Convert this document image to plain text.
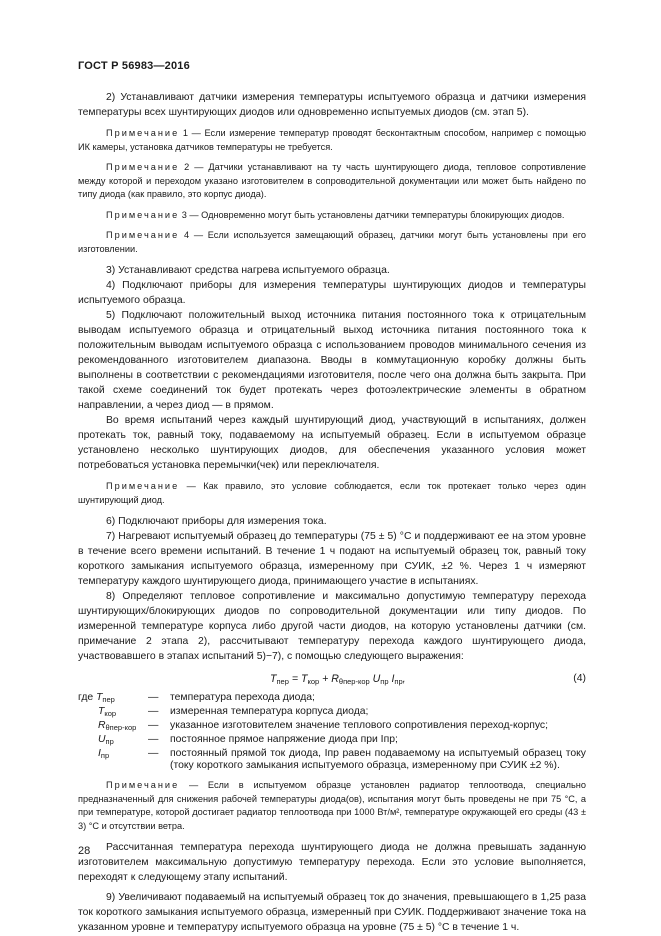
ГОСТ Р 56983—2016

2) Устанавливают датчики измерения температуры испытуемого образца и датчики измерения температуры всех шунтирующих диодов или одновременно испытуемых диодов (см. этап 5).

Примечание 1 — Если измерение температур проводят бесконтактным способом, например с помощью ИК камеры, установка датчиков температуры не требуется.

Примечание 2 — Датчики устанавливают на ту часть шунтирующего диода, тепловое сопротивление между которой и переходом указано изготовителем в сопроводительной документации или может быть найдено по типу диода (как правило, это корпус диода).

Примечание 3 — Одновременно могут быть установлены датчики температуры блокирующих диодов.

Примечание 4 — Если используется замещающий образец, датчики могут быть установлены при его изготовлении.

3) Устанавливают средства нагрева испытуемого образца.

4) Подключают приборы для измерения температуры шунтирующих диодов и температуры испытуемого образца.

5) Подключают положительный выход источника питания постоянного тока к отрицательным выводам испытуемого образца и отрицательный выход источника питания постоянного тока к положительным выводам испытуемого образца с использованием проводов минимального сечения из рекомендованного изготовителем диапазона. Вводы в коммутационную коробку должны быть выполнены в соответствии с рекомендациями изготовителя, после чего она должна быть закрыта. При такой схеме соединений ток будет протекать через фотоэлектрические элементы в обратном направлении, а через диод — в прямом.

Во время испытаний через каждый шунтирующий диод, участвующий в испытаниях, должен протекать ток, равный току, подаваемому на испытуемый образец. Если в испытуемом образце установлено несколько шунтирующих диодов, для обеспечения указанного условия может потребоваться установка перемычки(чек) или переключателя.

Примечание — Как правило, это условие соблюдается, если ток протекает только через один шунтирующий диод.

6) Подключают приборы для измерения тока.

7) Нагревают испытуемый образец до температуры (75 ± 5) °С и поддерживают ее на этом уровне в течение всего времени испытаний. В течение 1 ч подают на испытуемый образец ток, равный току короткого замыкания испытуемого образца, измеренному при СУИК, ±2 %. Через 1 ч измеряют температуру каждого шунтирующего диода, принимающего участие в испытаниях.

8) Определяют тепловое сопротивление и максимально допустимую температуру перехода шунтирующих/блокирующих диодов по сопроводительной документации или типу диодов. По измеренной температуре корпуса либо другой части диодов, на которую установлены датчики (см. примечание 2 этапа 2), рассчитывают температуру перехода каждого шунтирующего диода, участвовавшего в этапах испытаний 5)−7), с помощью следующего выражения:

$T_{пер} = T_{кор} + R_{\theta пер-кор}$ $U_{пр}$ $I_{пр}$,	(4)
где Tпер	—	температура перехода диода;
Tкор	—	измеренная температура корпуса диода;
Rθпер-кор	—	указанное изготовителем значение теплового сопротивления переход-корпус;
Uпр	—	постоянное прямое напряжение диода при Iпр;
Iпр	—	постоянный прямой ток диода, Iпр равен подаваемому на испытуемый образец току (току короткого замыкания испытуемого образца, измеренному при СУИК ±2 %).

Примечание — Если в испытуемом образце установлен радиатор теплоотвода, специально предназначенный для снижения рабочей температуры диода(ов), испытания могут быть проведены не при 75 °С, а при температуре, которой достигает радиатор теплоотвода при 1000 Вт/м², температуре окружающей его среды (43 ± 3) °С и отсутствии ветра.

Рассчитанная температура перехода шунтирующего диода не должна превышать заданную изготовителем максимальную допустимую температуру перехода. Если это условие выполняется, переходят к следующему этапу испытаний.

9) Увеличивают подаваемый на испытуемый образец ток до значения, превышающего в 1,25 раза ток короткого замыкания испытуемого образца, измеренный при СУИК. Поддерживают значение тока на указанном уровне и температуру испытуемого образца на уровне (75 ± 5) °С в течение 1 ч.

28
